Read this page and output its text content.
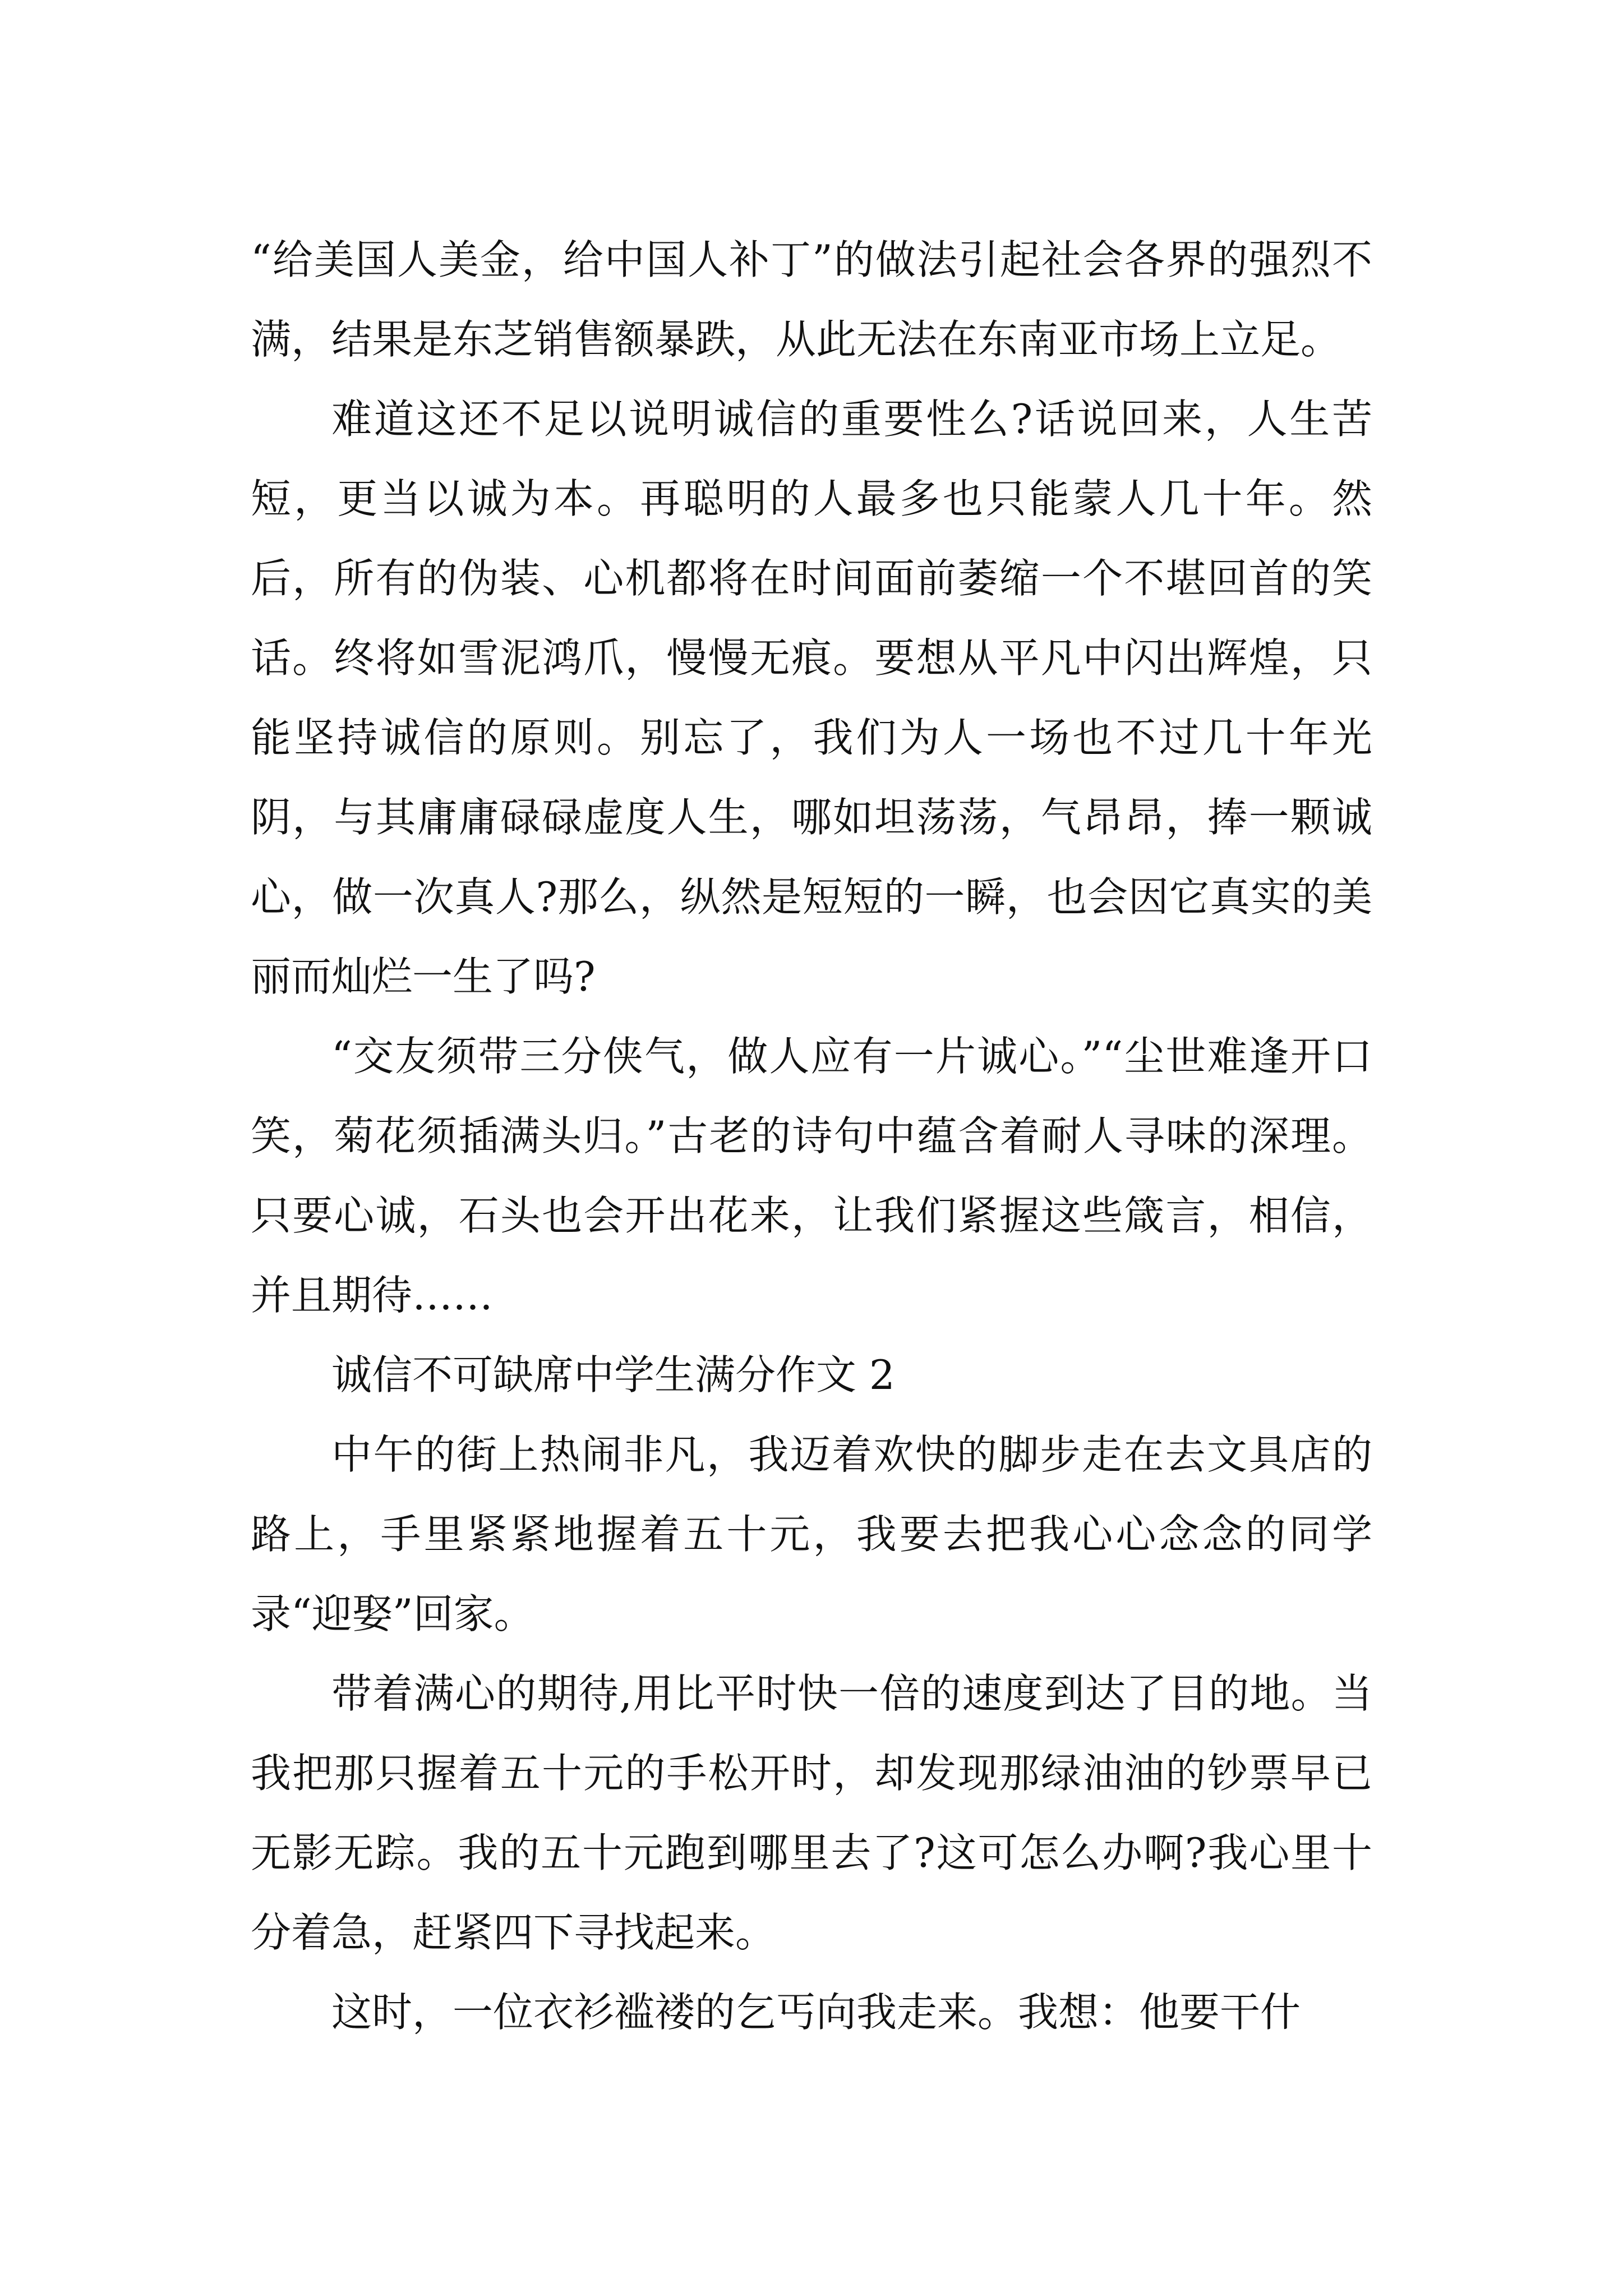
“给美国人美金，给中国人补丁”的做法引起社会各界的强烈不满，结果是东芝销售额暴跌，从此无法在东南亚市场上立足。

难道这还不足以说明诚信的重要性么?话说回来，人生苦短，更当以诚为本。再聪明的人最多也只能蒙人几十年。然后，所有的伪装、心机都将在时间面前萎缩一个不堪回首的笑话。终将如雪泥鸿爪，慢慢无痕。要想从平凡中闪出辉煌，只能坚持诚信的原则。别忘了，我们为人一场也不过几十年光阴，与其庸庸碌碌虚度人生，哪如坦荡荡，气昂昂，捧一颗诚心，做一次真人?那么，纵然是短短的一瞬，也会因它真实的美丽而灿烂一生了吗?

“交友须带三分侠气，做人应有一片诚心。”“尘世难逢开口笑，菊花须插满头归。”古老的诗句中蕴含着耐人寻味的深理。只要心诚，石头也会开出花来，让我们紧握这些箴言，相信，并且期待……

诚信不可缺席中学生满分作文 2

中午的街上热闹非凡，我迈着欢快的脚步走在去文具店的路上，手里紧紧地握着五十元，我要去把我心心念念的同学录“迎娶”回家。

带着满心的期待,用比平时快一倍的速度到达了目的地。当我把那只握着五十元的手松开时，却发现那绿油油的钞票早已无影无踪。我的五十元跑到哪里去了?这可怎么办啊?我心里十分着急，赶紧四下寻找起来。

这时，一位衣衫褴褛的乞丐向我走来。我想：他要干什
